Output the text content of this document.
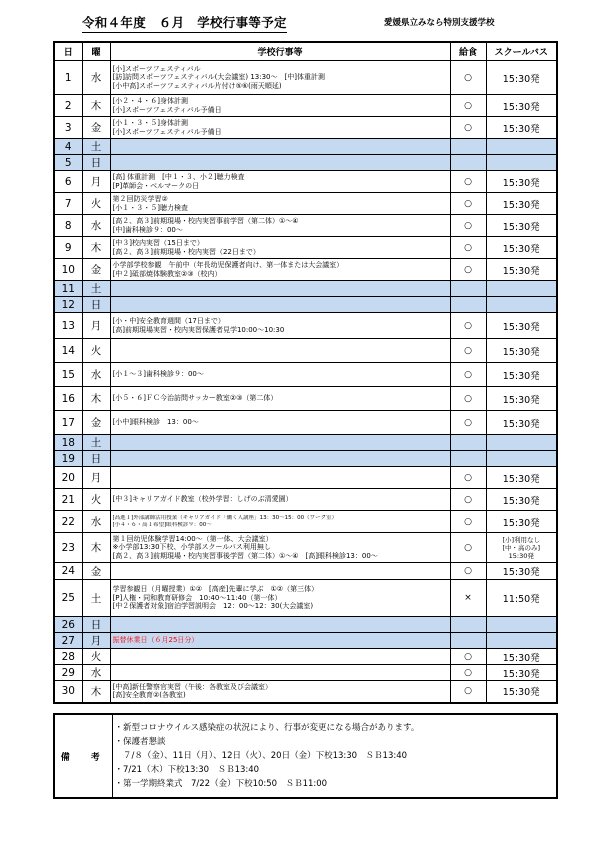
令和４年度　６月　学校行事等予定	愛媛県立みなら特別支援学校
日	曜	学校行事等	給食	スクールバス
1	水	[小]スポーツフェスティバル
[訪]訪問スポーツフェスティバル(大会議室) 13:30～　[中]体重計測
[小中高]スポーツフェスティバル片付け⑤⑥(雨天順延)	○	15:30発
2	木	[小２・４・６]身体計測
[小]スポーツフェスティバル予備日	○	15:30発
3	金	[小１・３・５]身体計測
[小]スポーツフェスティバル予備日	○	15:30発
4	土			
5	日			
6	月	[高] 体重計測　[中１・３、小２]聴力検査
[P]革師会・ベルマークの日	○	15:30発
7	火	第２回防災学習②
[小１・３・５]聴力検査	○	15:30発
8	水	[高２、高３]前期現場・校内実習事前学習（第二体）①～④
[中]歯科検診９：00～	○	15:30発
9	木	[中３]校内実習（15日まで）
[高２、高３]前期現場・校内実習（22日まで）	○	15:30発
10	金	小学部学校参観　午前中（年長幼児保護者向け、第一体または大会議室）
[中２]砥部焼体験教室②③（校内）	○	15:30発
11	土			
12	日			
13	月	[小・中]安全教育週間（17日まで）
[高]前期現場実習・校内実習保護者見学10:00～10:30	○	15:30発
14	火		○	15:30発
15	水	[小１～３]歯科検診９：00～	○	15:30発
16	木	[小５・６]ＦＣ今治訪問サッカー教室②③（第二体）	○	15:30発
17	金	[小中]眼科検診　13：00～	○	15:30発
18	土			
19	日			
20	月		○	15:30発
21	火	[中３]キャリアガイド教室（校外学習：しげのぶ清愛園）	○	15:30発
22	水	[高進１]外部講師活用授業（キャリアガイド「働く人講座」13：30～15：00（ワーク室）
[小４・６・高１希望]眼科検診９：00～	○	15:30発
23	木	第１回幼児体験学習14:00～（第一体、大会議室）
※小学部13:30下校、小学部スクールバス利用無し
[高２、高３]前期現場・校内実習事後学習（第二体）①～④　[高]眼科検診13：00～	○	[小]利用なし
[中・高のみ]
15:30発

24	金		○	15:30発
25	土	学習参観日（月曜授業）①②　[高産]先輩に学ぶ　①②（第三体）
[P]人権・同和教育研修会　10:40～11:40（第一体）
[中２保護者対象]宿泊学習説明会　12：00～12：30(大会議室)	×	11:50発
26	日			
27	月	振替休業日（６月25日分）		

28	火		○	15:30発
29	水		○	15:30発
30	木	[中高]新任警察官実習（午後：各教室及び会議室）
[高]安全教育②(各教室)	○	15:30発
備　考	
・新型コロナウイルス感染症の状況により、行事が変更になる場合があります。
・保護者懇談
　７/８（金）、11日（月）、12日（火）、20日（金）下校13:30　ＳＢ13:40
・7/21（木）下校13:30　ＳＢ13:40
・第一学期終業式　7/22（金）下校10:50　ＳＢ11:00
